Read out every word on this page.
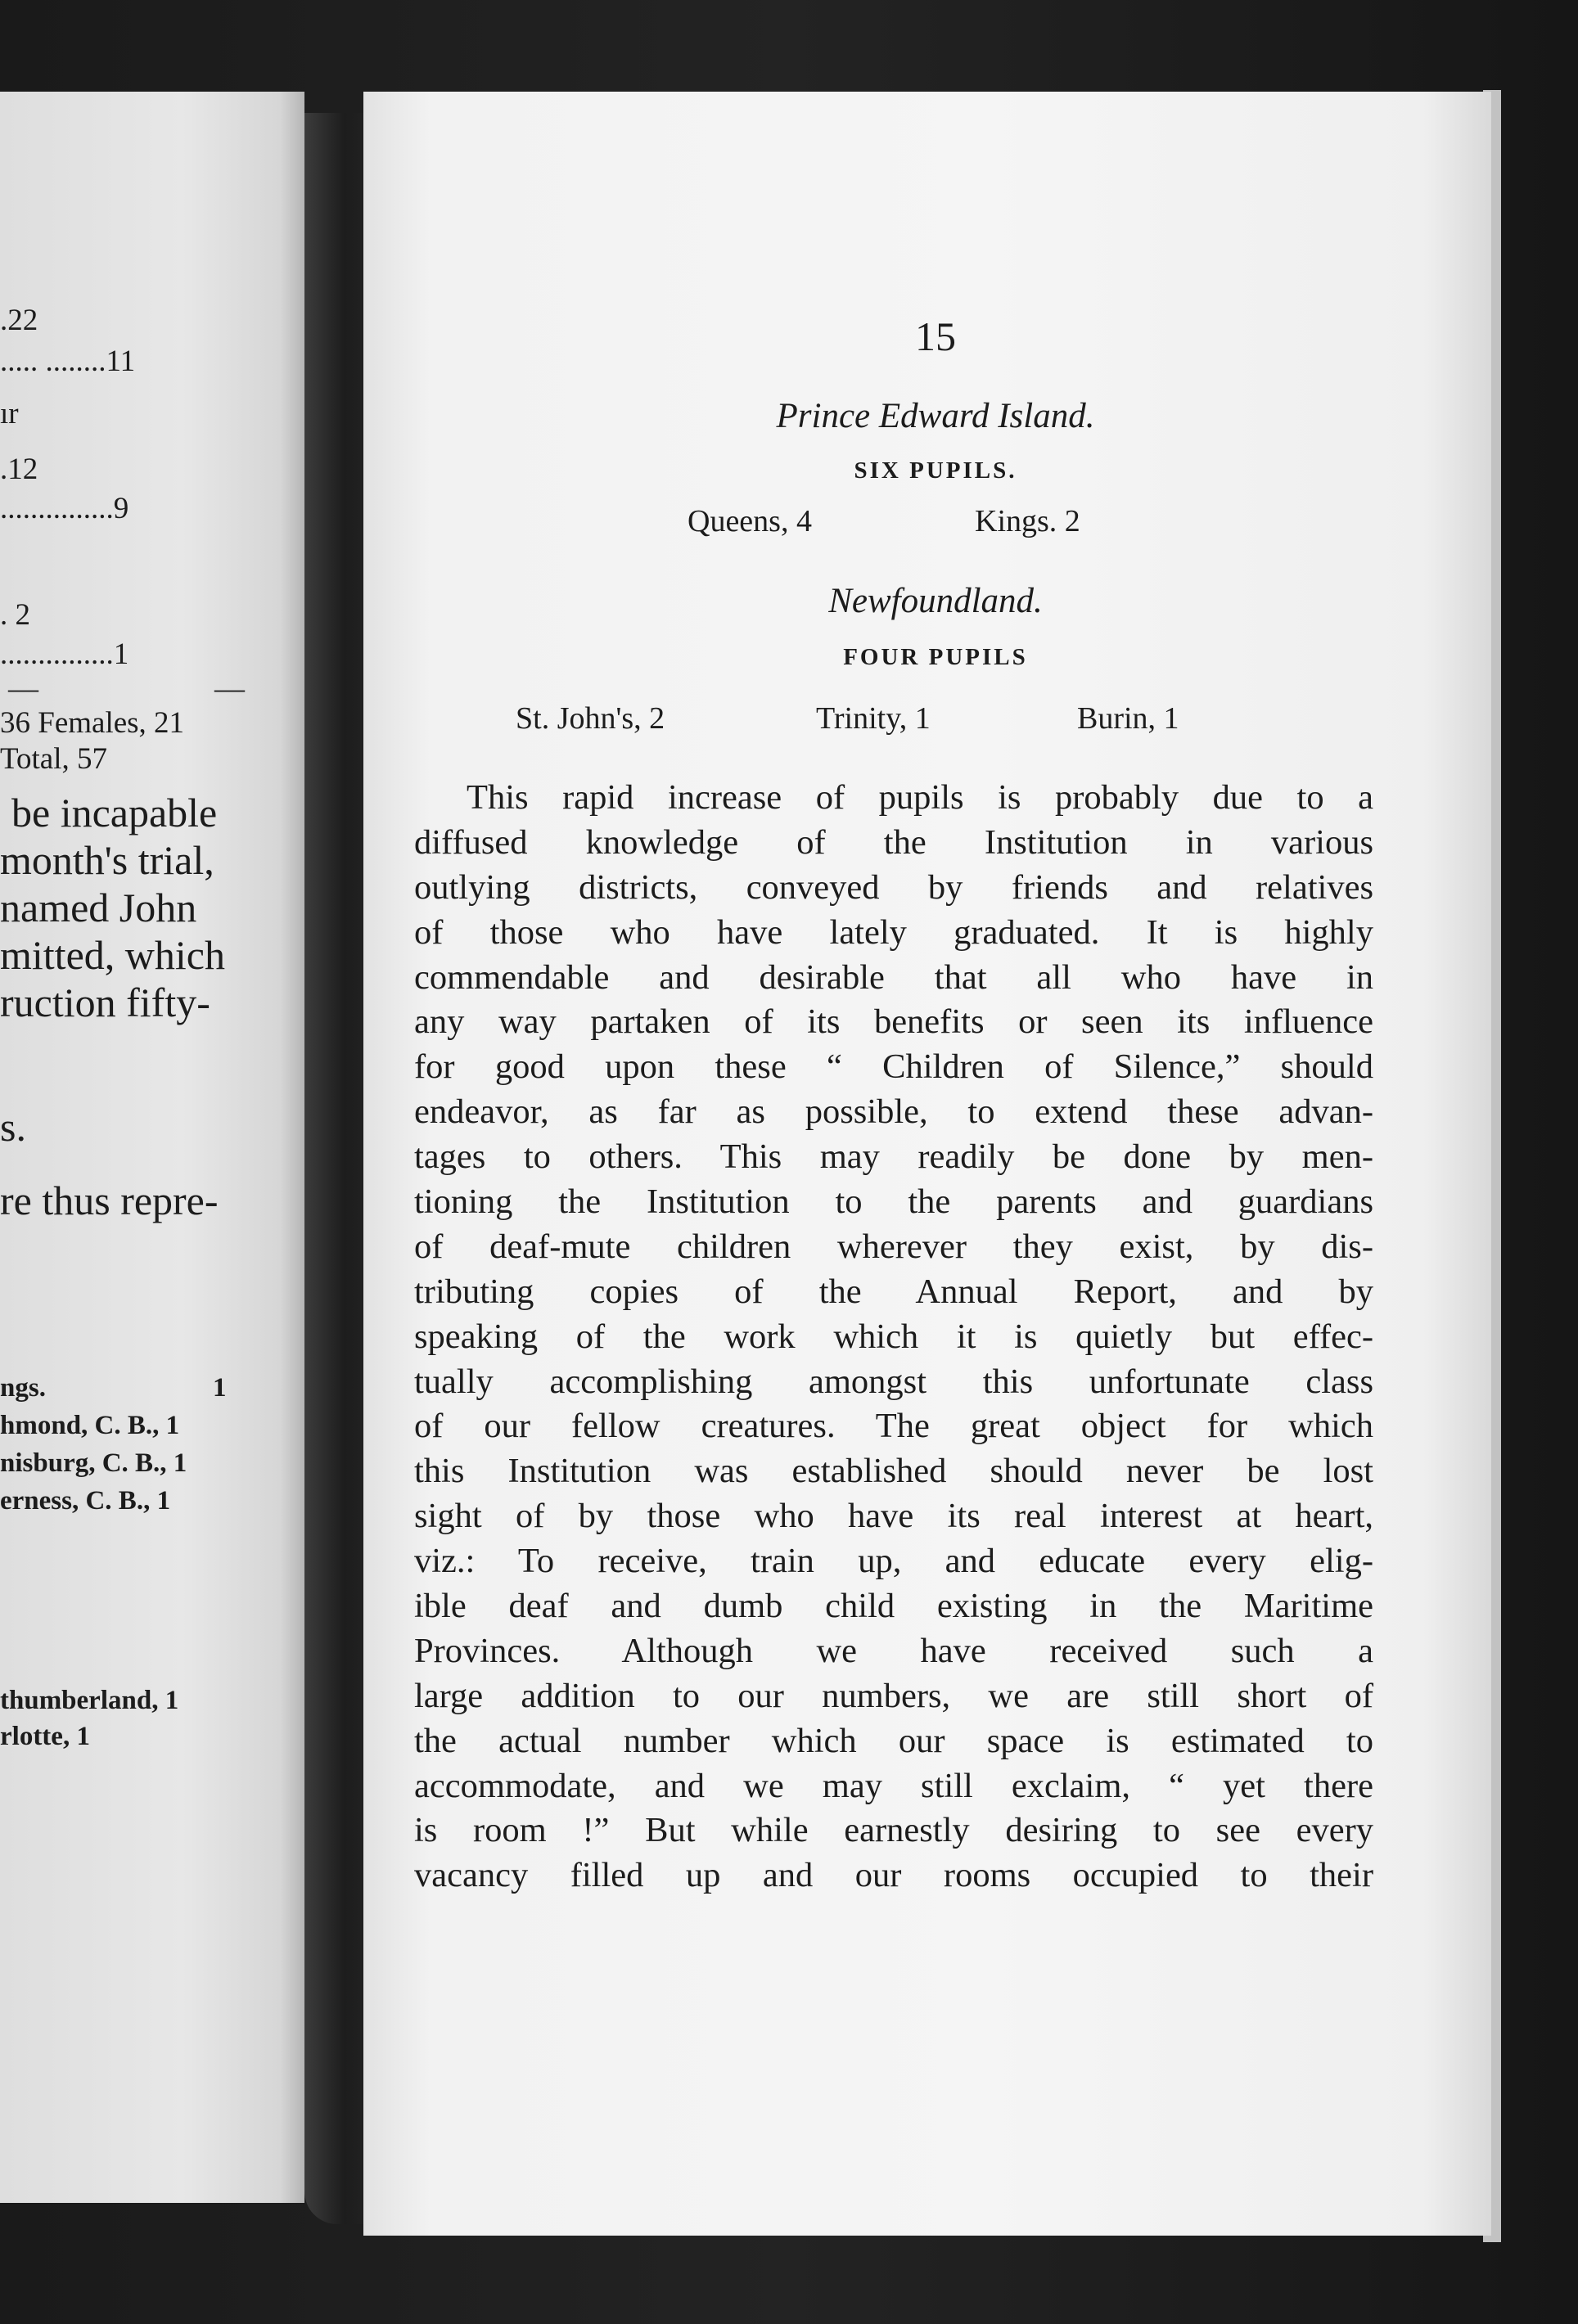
.22
..... ........11
ır
.12
...............9
. 2
...............1
—	—
36 Females, 21
Total, 57
be incapable
month's trial,
named John
mitted, which
ruction fifty-
s.
re thus repre-
ngs.	1
hmond, C. B., 1
nisburg, C. B., 1
erness, C. B., 1
thumberland, 1
rlotte, 1
15
Prince Edward Island.
SIX PUPILS.
Queens, 4	Kings. 2
Newfoundland.
FOUR PUPILS
St. John's, 2	Trinity, 1	Burin, 1
This rapid increase of pupils is probably due to a
diffused knowledge of the Institution in various
outlying districts, conveyed by friends and relatives
of those who have lately graduated. It is highly
commendable and desirable that all who have in
any way partaken of its benefits or seen its influence
for good upon these “ Children of Silence,” should
endeavor, as far as possible, to extend these advan-
tages to others. This may readily be done by men-
tioning the Institution to the parents and guardians
of deaf-mute children wherever they exist, by dis-
tributing copies of the Annual Report, and by
speaking of the work which it is quietly but effec-
tually accomplishing amongst this unfortunate class
of our fellow creatures. The great object for which
this Institution was established should never be lost
sight of by those who have its real interest at heart,
viz.: To receive, train up, and educate every elig-
ible deaf and dumb child existing in the Maritime
Provinces. Although we have received such a
large addition to our numbers, we are still short of
the actual number which our space is estimated to
accommodate, and we may still exclaim, “ yet there
is room !” But while earnestly desiring to see every
vacancy filled up and our rooms occupied to their
